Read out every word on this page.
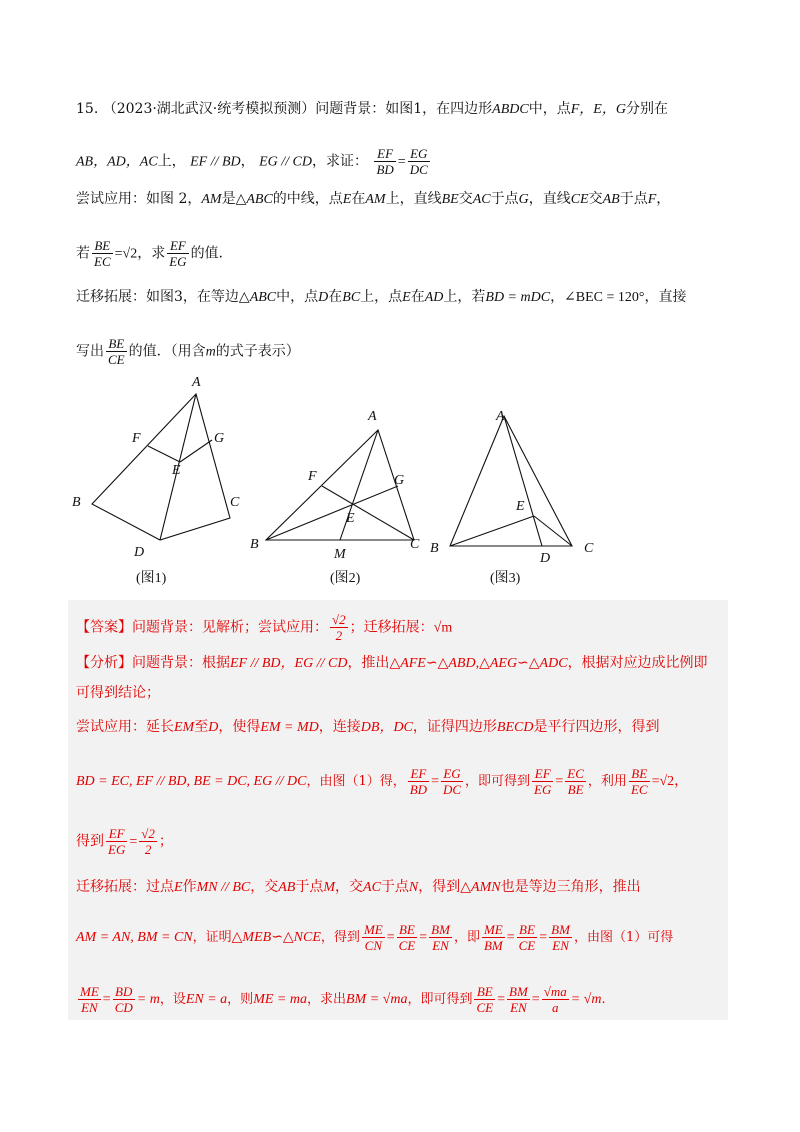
15. （2023·湖北武汉·统考模拟预测）问题背景：如图1，在四边形ABDC中，点F，E，G分别在
AB，AD，AC上， EF // BD， EG // CD，求证： $\frac{EF}{BD} = \frac{EG}{DC}$
尝试应用：如图 2，AM是△ABC的中线，点E在AM上，直线BE交AC于点G，直线CE交AB于点F，
若 $\frac{BE}{EC} =√2$，求 $\frac{EF}{EG}$ 的值.
迁移拓展：如图3，在等边△ABC中，点D在BC上，点E在AD上，若BD = mDC，∠BEC = 120°，直接
写出 $\frac{BE}{CE}$ 的值．（用含m的式子表示）
A
F	G
E
B	C
D
(图1)
A
F	G
E
B
M
C
(图2)
A
E
B
D
C
(图3)
【答案】问题背景：见解析；尝试应用： $\frac{√2}{2}$ ；迁移拓展：√m
【分析】问题背景：根据EF // BD，EG // CD，推出△AFE∽△ABD,△AEG∽△ADC，根据对应边成比例即
可得到结论；
尝试应用：延长EM至D，使得EM = MD，连接DB，DC，证得四边形BECD是平行四边形，得到
BD = EC, EF // BD, BE = DC, EG // DC，由图（1）得， $\frac{EF}{BD} = \frac{EG}{DC}$ ，即可得到 $\frac{EF}{EG} = \frac{EC}{BE}$ ，利用 $\frac{BE}{EC} =√2$，
得到 $\frac{EF}{EG} = \frac{√2}{2}$ ；
迁移拓展：过点E作MN // BC，交AB于点M，交AC于点N，得到△AMN也是等边三角形，推出
AM = AN, BM = CN，证明△MEB∽△NCE，得到 $\frac{ME}{CN} = \frac{BE}{CE} = \frac{BM}{EN}$ ，即 $\frac{ME}{BM} = \frac{BE}{CE} = \frac{BM}{EN}$ ，由图（1）可得
$\frac{ME}{EN} = \frac{BD}{CD} = m$，设EN = a，则ME = ma，求出BM = √ma，即可得到 $\frac{BE}{CE} = \frac{BM}{EN} = \frac{√ma}{a} = √m$.
